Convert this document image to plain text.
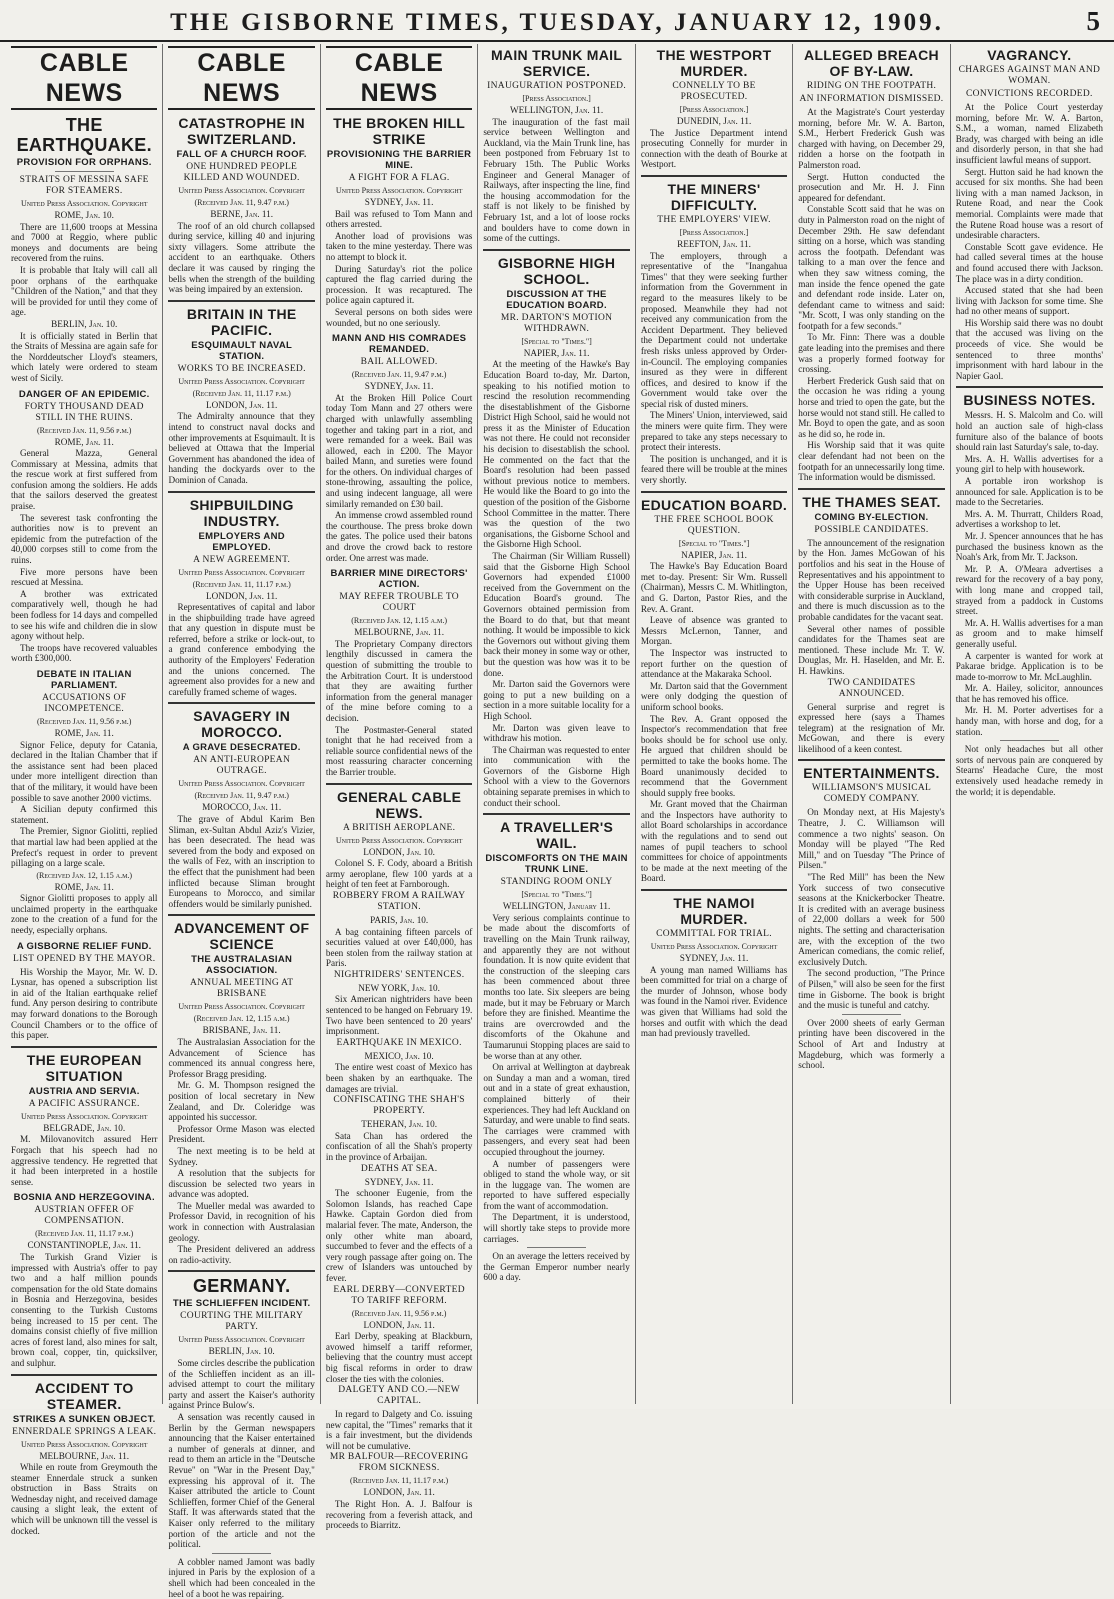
THE GISBORNE TIMES, TUESDAY, JANUARY 12, 1909.	5
CABLE NEWS
THE EARTHQUAKE.
PROVISION FOR ORPHANS.
STRAITS OF MESSINA SAFE FOR STEAMERS.
United Press Association. Copyright
ROME, Jan. 10.
There are 11,600 troops at Messina and 7000 at Reggio, where public moneys and documents are being recovered from the ruins.
It is probable that Italy will call all poor orphans of the earthquake "Children of the Nation," and that they will be provided for until they come of age.
BERLIN, Jan. 10.
It is officially stated in Berlin that the Straits of Messina are again safe for the Norddeutscher Lloyd's steamers, which lately were ordered to steam west of Sicily.
DANGER OF AN EPIDEMIC.
FORTY THOUSAND DEAD STILL IN THE RUINS.
(Received Jan. 11, 9.56 p.m.)
ROME, Jan. 11.
General Mazza, General Commissary at Messina, admits that the rescue work at first suffered from confusion among the soldiers. He adds that the sailors deserved the greatest praise.
The severest task confronting the authorities now is to prevent an epidemic from the putrefaction of the 40,000 corpses still to come from the ruins.
Five more persons have been rescued at Messina.
A brother was extricated comparatively well, though he had been fodless for 14 days and compelled to see his wife and children die in slow agony without help.
The troops have recovered valuables worth £300,000.
DEBATE IN ITALIAN PARLIAMENT.
ACCUSATIONS OF INCOMPETENCE.
(Received Jan. 11, 9.56 p.m.)
ROME, Jan. 11.
Signor Felice, deputy for Catania, declared in the Italian Chamber that if the assistance sent had been placed under more intelligent direction than that of the military, it would have been possible to save another 2000 victims.
A Sicilian deputy confirmed this statement.
The Premier, Signor Giolitti, replied that martial law had been applied at the Prefect's request in order to prevent pillaging on a large scale.
(Received Jan. 12, 1.15 a.m.)
ROME, Jan. 11.
Signor Giolitti proposes to apply all unclaimed property in the earthquake zone to the creation of a fund for the needy, especially orphans.
A GISBORNE RELIEF FUND.
LIST OPENED BY THE MAYOR.
His Worship the Mayor, Mr. W. D. Lysnar, has opened a subscription list in aid of the Italian earthquake relief fund. Any person desiring to contribute may forward donations to the Borough Council Chambers or to the office of this paper.
THE EUROPEAN SITUATION
AUSTRIA AND SERVIA.
A PACIFIC ASSURANCE.
United Press Association. Copyright
BELGRADE, Jan. 10.
M. Milovanovitch assured Herr Forgach that his speech had no aggressive tendency. He regretted that it had been interpreted in a hostile sense.
BOSNIA AND HERZEGOVINA.
AUSTRIAN OFFER OF COMPENSATION.
(Received Jan. 11, 11.17 p.m.)
CONSTANTINOPLE, Jan. 11.
The Turkish Grand Vizier is impressed with Austria's offer to pay two and a half million pounds compensation for the old State domains in Bosnia and Herzegovina, besides consenting to the Turkish Customs being increased to 15 per cent. The domains consist chiefly of five million acres of forest land, also mines for salt, brown coal, copper, tin, quicksilver, and sulphur.
ACCIDENT TO STEAMER.
STRIKES A SUNKEN OBJECT.
ENNERDALE SPRINGS A LEAK.
United Press Association. Copyright
MELBOURNE, Jan. 11.
While en route from Greymouth the steamer Ennerdale struck a sunken obstruction in Bass Straits on Wednesday night, and received damage causing a slight leak, the extent of which will be unknown till the vessel is docked.
CABLE NEWS
CATASTROPHE IN SWITZERLAND.
FALL OF A CHURCH ROOF.
ONE HUNDRED PEOPLE KILLED AND WOUNDED.
United Press Association. Copyright
(Received Jan. 11, 9.47 p.m.)
BERNE, Jan. 11.
The roof of an old church collapsed during service, killing 40 and injuring sixty villagers. Some attribute the accident to an earthquake. Others declare it was caused by ringing the bells when the strength of the building was being impaired by an extension.
BRITAIN IN THE PACIFIC.
ESQUIMAULT NAVAL STATION.
WORKS TO BE INCREASED.
United Press Association. Copyright
(Received Jan. 11, 11.17 p.m.)
LONDON, Jan. 11.
The Admiralty announce that they intend to construct naval docks and other improvements at Esquimault. It is believed at Ottawa that the Imperial Government has abandoned the idea of handing the dockyards over to the Dominion of Canada.
SHIPBUILDING INDUSTRY.
EMPLOYERS AND EMPLOYED.
A NEW AGREEMENT.
United Press Association. Copyright
(Received Jan. 11, 11.17 p.m.)
LONDON, Jan. 11.
Representatives of capital and labor in the shipbuilding trade have agreed that any question in dispute must be referred, before a strike or lock-out, to a grand conference embodying the authority of the Employers' Federation and the unions concerned. The agreement also provides for a new and carefully framed scheme of wages.
SAVAGERY IN MOROCCO.
A GRAVE DESECRATED.
AN ANTI-EUROPEAN OUTRAGE.
United Press Association. Copyright
(Received Jan. 11, 9.47 p.m.)
MOROCCO, Jan. 11.
The grave of Abdul Karim Ben Sliman, ex-Sultan Abdul Aziz's Vizier, has been desecrated. The head was severed from the body and exposed on the walls of Fez, with an inscription to the effect that the punishment had been inflicted because Sliman brought Europeans to Morocco, and similar offenders would be similarly punished.
ADVANCEMENT OF SCIENCE
THE AUSTRALASIAN ASSOCIATION.
ANNUAL MEETING AT BRISBANE
United Press Association. Copyright
(Received Jan. 12, 1.15 a.m.)
BRISBANE, Jan. 11.
The Australasian Association for the Advancement of Science has commenced its annual congress here, Professor Bragg presiding.
Mr. G. M. Thompson resigned the position of local secretary in New Zealand, and Dr. Coleridge was appointed his successor.
Professor Orme Mason was elected President.
The next meeting is to be held at Sydney.
A resolution that the subjects for discussion be selected two years in advance was adopted.
The Mueller medal was awarded to Professor David, in recognition of his work in connection with Australasian geology.
The President delivered an address on radio-activity.
GERMANY.
THE SCHLIEFFEN INCIDENT.
COURTING THE MILITARY PARTY.
United Press Association. Copyright
BERLIN, Jan. 10.
Some circles describe the publication of the Schlieffen incident as an ill-advised attempt to court the military party and assert the Kaiser's authority against Prince Bulow's.
A sensation was recently caused in Berlin by the German newspapers announcing that the Kaiser entertained a number of generals at dinner, and read to them an article in the "Deutsche Revue" on "War in the Present Day," expressing his approval of it. The Kaiser attributed the article to Count Schlieffen, former Chief of the General Staff. It was afterwards stated that the Kaiser only referred to the military portion of the article and not the political.
A cobbler named Jamont was badly injured in Paris by the explosion of a shell which had been concealed in the heel of a boot he was repairing.
CABLE NEWS
THE BROKEN HILL STRIKE
PROVISIONING THE BARRIER MINE.
A FIGHT FOR A FLAG.
United Press Association. Copyright
SYDNEY, Jan. 11.
Bail was refused to Tom Mann and others arrested.
Another load of provisions was taken to the mine yesterday. There was no attempt to block it.
During Saturday's riot the police captured the flag carried during the procession. It was recaptured. The police again captured it.
Several persons on both sides were wounded, but no one seriously.
MANN AND HIS COMRADES REMANDED.
BAIL ALLOWED.
(Received Jan. 11, 9.47 p.m.)
SYDNEY, Jan. 11.
At the Broken Hill Police Court today Tom Mann and 27 others were charged with unlawfully assembling together and taking part in a riot, and were remanded for a week. Bail was allowed, each in £200. The Mayor bailed Mann, and sureties were found for the others. On individual charges of stone-throwing, assaulting the police, and using indecent language, all were similarly remanded on £30 bail.
An immense crowd assembled round the courthouse. The press broke down the gates. The police used their batons and drove the crowd back to restore order. One arrest was made.
BARRIER MINE DIRECTORS' ACTION.
MAY REFER TROUBLE TO COURT
(Received Jan. 12, 1.15 a.m.)
MELBOURNE, Jan. 11.
The Proprietary Company directors lengthily discussed in camera the question of submitting the trouble to the Arbitration Court. It is understood that they are awaiting further information from the general manager of the mine before coming to a decision.
The Postmaster-General stated tonight that he had received from a reliable source confidential news of the most reassuring character concerning the Barrier trouble.
GENERAL CABLE NEWS.
A BRITISH AEROPLANE.
United Press Association. Copyright
LONDON, Jan. 10.
Colonel S. F. Cody, aboard a British army aeroplane, flew 100 yards at a height of ten feet at Farnborough.
ROBBERY FROM A RAILWAY STATION.
PARIS, Jan. 10.
A bag containing fifteen parcels of securities valued at over £40,000, has been stolen from the railway station at Paris.
NIGHTRIDERS' SENTENCES.
NEW YORK, Jan. 10.
Six American nightriders have been sentenced to be hanged on February 19. Two have been sentenced to 20 years' imprisonment.
EARTHQUAKE IN MEXICO.
MEXICO, Jan. 10.
The entire west coast of Mexico has been shaken by an earthquake. The damages are trivial.
CONFISCATING THE SHAH'S PROPERTY.
TEHERAN, Jan. 10.
Sata Chan has ordered the confiscation of all the Shah's property in the province of Arbaijan.
DEATHS AT SEA.
SYDNEY, Jan. 11.
The schooner Eugenie, from the Solomon Islands, has reached Cape Hawke. Captain Gordon died from malarial fever. The mate, Anderson, the only other white man aboard, succumbed to fever and the effects of a very rough passage after going on. The crew of Islanders was untouched by fever.
EARL DERBY—CONVERTED TO TARIFF REFORM.
(Received Jan. 11, 9.56 p.m.)
LONDON, Jan. 11.
Earl Derby, speaking at Blackburn, avowed himself a tariff reformer, believing that the country must accept big fiscal reforms in order to draw closer the ties with the colonies.
DALGETY AND CO.—NEW CAPITAL.
In regard to Dalgety and Co. issuing new capital, the "Times" remarks that it is a fair investment, but the dividends will not be cumulative.
MR BALFOUR—RECOVERING FROM SICKNESS.
(Received Jan. 11, 11.17 p.m.)
LONDON, Jan. 11.
The Right Hon. A. J. Balfour is recovering from a feverish attack, and proceeds to Biarritz.
MAIN TRUNK MAIL SERVICE.
INAUGURATION POSTPONED.
[Press Association.]
WELLINGTON, Jan. 11.
The inauguration of the fast mail service between Wellington and Auckland, via the Main Trunk line, has been postponed from February 1st to February 15th. The Public Works Engineer and General Manager of Railways, after inspecting the line, find the housing accommodation for the staff is not likely to be finished by February 1st, and a lot of loose rocks and boulders have to come down in some of the cuttings.
GISBORNE HIGH SCHOOL.
DISCUSSION AT THE EDUCATION BOARD.
MR. DARTON'S MOTION WITHDRAWN.
[Special to "Times."]
NAPIER, Jan. 11.
At the meeting of the Hawke's Bay Education Board to-day, Mr. Darton, speaking to his notified motion to rescind the resolution recommending the disestablishment of the Gisborne District High School, said he would not press it as the Minister of Education was not there. He could not reconsider his decision to disestablish the school. He commented on the fact that the Board's resolution had been passed without previous notice to members. He would like the Board to go into the question of the position of the Gisborne School Committee in the matter. There was the question of the two organisations, the Gisborne School and the Gisborne High School.
The Chairman (Sir William Russell) said that the Gisborne High School Governors had expended £1000 received from the Government on the Education Board's ground. The Governors obtained permission from the Board to do that, but that meant nothing. It would be impossible to kick the Governors out without giving them back their money in some way or other, but the question was how was it to be done.
Mr. Darton said the Governors were going to put a new building on a section in a more suitable locality for a High School.
Mr. Darton was given leave to withdraw his motion.
The Chairman was requested to enter into communication with the Governors of the Gisborne High School with a view to the Governors obtaining separate premises in which to conduct their school.
A TRAVELLER'S WAIL.
DISCOMFORTS ON THE MAIN TRUNK LINE.
STANDING ROOM ONLY
[Special to "Times."]
WELLINGTON, January 11.
Very serious complaints continue to be made about the discomforts of travelling on the Main Trunk railway, and apparently they are not without foundation. It is now quite evident that the construction of the sleeping cars has been commenced about three months too late. Six sleepers are being made, but it may be February or March before they are finished. Meantime the trains are overcrowded and the discomforts of the Okahune and Taumarunui Stopping places are said to be worse than at any other.
On arrival at Wellington at daybreak on Sunday a man and a woman, tired out and in a state of great exhaustion, complained bitterly of their experiences. They had left Auckland on Saturday, and were unable to find seats. The carriages were crammed with passengers, and every seat had been occupied throughout the journey.
A number of passengers were obliged to stand the whole way, or sit in the luggage van. The women are reported to have suffered especially from the want of accommodation.
The Department, it is understood, will shortly take steps to provide more carriages.
On an average the letters received by the German Emperor number nearly 600 a day.
THE WESTPORT MURDER.
CONNELLY TO BE PROSECUTED.
[Press Association.]
DUNEDIN, Jan. 11.
The Justice Department intend prosecuting Connelly for murder in connection with the death of Bourke at Westport.
THE MINERS' DIFFICULTY.
THE EMPLOYERS' VIEW.
[Press Association.]
REEFTON, Jan. 11.
The employers, through a representative of the "Inangahua Times" that they were seeking further information from the Government in regard to the measures likely to be proposed. Meanwhile they had not received any communication from the Accident Department. They believed the Department could not undertake fresh risks unless approved by Order-in-Council. The employing companies insured as they were in different offices, and desired to know if the Government would take over the special risk of dusted miners.
The Miners' Union, interviewed, said the miners were quite firm. They were prepared to take any steps necessary to protect their interests.
The position is unchanged, and it is feared there will be trouble at the mines very shortly.
EDUCATION BOARD.
THE FREE SCHOOL BOOK QUESTION.
[Special to "Times."]
NAPIER, Jan. 11.
The Hawke's Bay Education Board met to-day. Present: Sir Wm. Russell (Chairman), Messrs C. M. Whitlington, and G. Darton, Pastor Ries, and the Rev. A. Grant.
Leave of absence was granted to Messrs McLernon, Tanner, and Morgan.
The Inspector was instructed to report further on the question of attendance at the Makaraka School.
Mr. Darton said that the Government were only dodging the question of uniform school books.
The Rev. A. Grant opposed the Inspector's recommendation that free books should be for school use only. He argued that children should be permitted to take the books home. The Board unanimously decided to recommend that the Government should supply free books.
Mr. Grant moved that the Chairman and the Inspectors have authority to allot Board scholarships in accordance with the regulations and to send out names of pupil teachers to school committees for choice of appointments to be made at the next meeting of the Board.
THE NAMOI MURDER.
COMMITTAL FOR TRIAL.
United Press Association. Copyright
SYDNEY, Jan. 11.
A young man named Williams has been committed for trial on a charge of the murder of Johnson, whose body was found in the Namoi river. Evidence was given that Williams had sold the horses and outfit with which the dead man had previously travelled.
ALLEGED BREACH OF BY-LAW.
RIDING ON THE FOOTPATH.
AN INFORMATION DISMISSED.
At the Magistrate's Court yesterday morning, before Mr. W. A. Barton, S.M., Herbert Frederick Gush was charged with having, on December 29, ridden a horse on the footpath in Palmerston road.
Sergt. Hutton conducted the prosecution and Mr. H. J. Finn appeared for defendant.
Constable Scott said that he was on duty in Palmerston road on the night of December 29th. He saw defendant sitting on a horse, which was standing across the footpath. Defendant was talking to a man over the fence and when they saw witness coming, the man inside the fence opened the gate and defendant rode inside. Later on, defendant came to witness and said: "Mr. Scott, I was only standing on the footpath for a few seconds."
To Mr. Finn: There was a double gate leading into the premises and there was a properly formed footway for crossing.
Herbert Frederick Gush said that on the occasion he was riding a young horse and tried to open the gate, but the horse would not stand still. He called to Mr. Boyd to open the gate, and as soon as he did so, he rode in.
His Worship said that it was quite clear defendant had not been on the footpath for an unnecessarily long time. The information would be dismissed.
THE THAMES SEAT.
COMING BY-ELECTION.
POSSIBLE CANDIDATES.
The announcement of the resignation by the Hon. James McGowan of his portfolios and his seat in the House of Representatives and his appointment to the Upper House has been received with considerable surprise in Auckland, and there is much discussion as to the probable candidates for the vacant seat.
Several other names of possible candidates for the Thames seat are mentioned. These include Mr. T. W. Douglas, Mr. H. Haselden, and Mr. E. H. Hawkins.
TWO CANDIDATES ANNOUNCED.
General surprise and regret is expressed here (says a Thames telegram) at the resignation of Mr. McGowan, and there is every likelihood of a keen contest.
ENTERTAINMENTS.
WILLIAMSON'S MUSICAL COMEDY COMPANY.
On Monday next, at His Majesty's Theatre, J. C. Williamson will commence a two nights' season. On Monday will be played "The Red Mill," and on Tuesday "The Prince of Pilsen."
"The Red Mill" has been the New York success of two consecutive seasons at the Knickerbocker Theatre. It is credited with an average business of 22,000 dollars a week for 500 nights. The setting and characterisation are, with the exception of the two American comedians, the comic relief, exclusively Dutch.
The second production, "The Prince of Pilsen," will also be seen for the first time in Gisborne. The book is bright and the music is tuneful and catchy.
Over 2000 sheets of early German printing have been discovered in the School of Art and Industry at Magdeburg, which was formerly a school.
VAGRANCY.
CHARGES AGAINST MAN AND WOMAN.
CONVICTIONS RECORDED.
At the Police Court yesterday morning, before Mr. W. A. Barton, S.M., a woman, named Elizabeth Brady, was charged with being an idle and disorderly person, in that she had insufficient lawful means of support.
Sergt. Hutton said he had known the accused for six months. She had been living with a man named Jackson, in Rutene Road, and near the Cook memorial. Complaints were made that the Rutene Road house was a resort of undesirable characters.
Constable Scott gave evidence. He had called several times at the house and found accused there with Jackson. The place was in a dirty condition.
Accused stated that she had been living with Jackson for some time. She had no other means of support.
His Worship said there was no doubt that the accused was living on the proceeds of vice. She would be sentenced to three months' imprisonment with hard labour in the Napier Gaol.
BUSINESS NOTES.
Messrs. H. S. Malcolm and Co. will hold an auction sale of high-class furniture also of the balance of boots should rain last Saturday's sale, to-day.
Mrs. A. H. Wallis advertises for a young girl to help with housework.
A portable iron workshop is announced for sale. Application is to be made to the Secretaries.
Mrs. A. M. Thurratt, Childers Road, advertises a workshop to let.
Mr. J. Spencer announces that he has purchased the business known as the Noah's Ark, from Mr. T. Jackson.
Mr. P. A. O'Meara advertises a reward for the recovery of a bay pony, with long mane and cropped tail, strayed from a paddock in Customs street.
Mr. A. H. Wallis advertises for a man as groom and to make himself generally useful.
A carpenter is wanted for work at Pakarae bridge. Application is to be made to-morrow to Mr. McLaughlin.
Mr. A. Hailey, solicitor, announces that he has removed his office.
Mr. H. M. Porter advertises for a handy man, with horse and dog, for a station.
Not only headaches but all other sorts of nervous pain are conquered by Stearns' Headache Cure, the most extensively used headache remedy in the world; it is dependable.
